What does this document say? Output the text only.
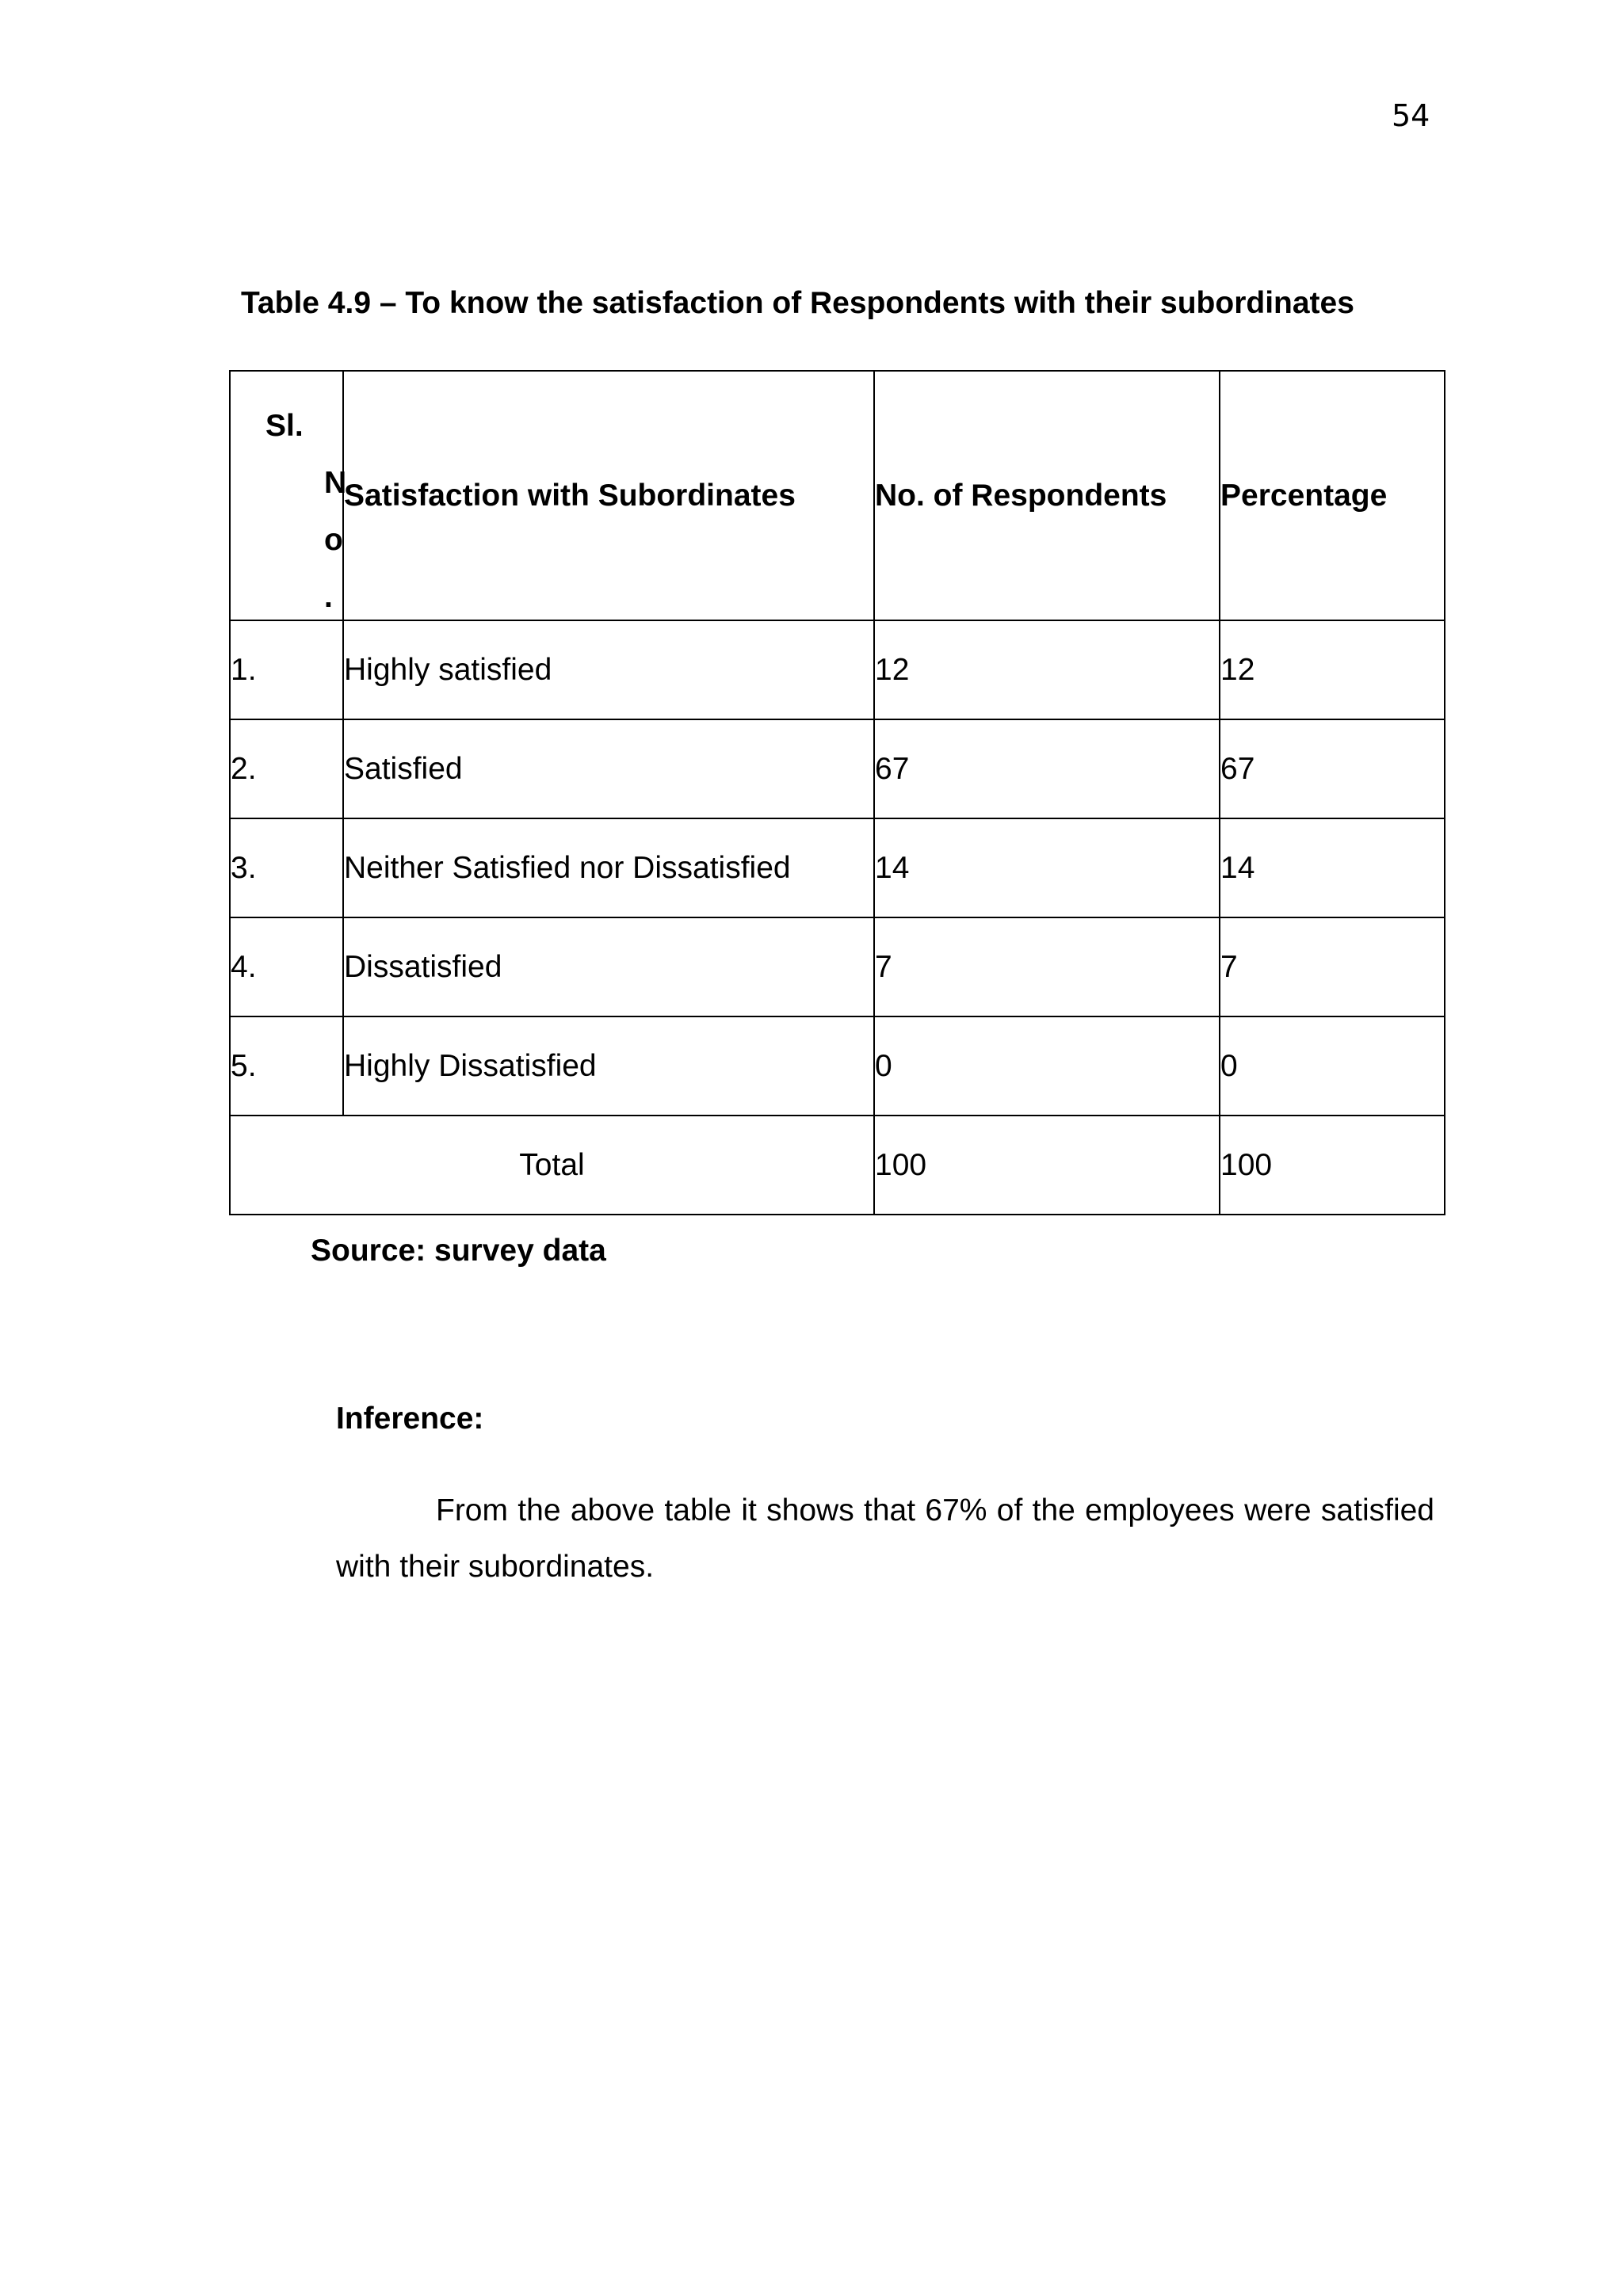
54
Table 4.9 – To know the satisfaction of Respondents with their subordinates
Sl.
N
o
.	Satisfaction with Subordinates	No. of Respondents	Percentage
1.	Highly satisfied	12	12
2.	Satisfied	67	67
3.	Neither Satisfied nor Dissatisfied	14	14
4.	Dissatisfied	7	7
5.	Highly Dissatisfied	0	0
Total		100	100
Source: survey data
Inference:
From the above table it shows that 67% of the employees were satisfied with their subordinates.
